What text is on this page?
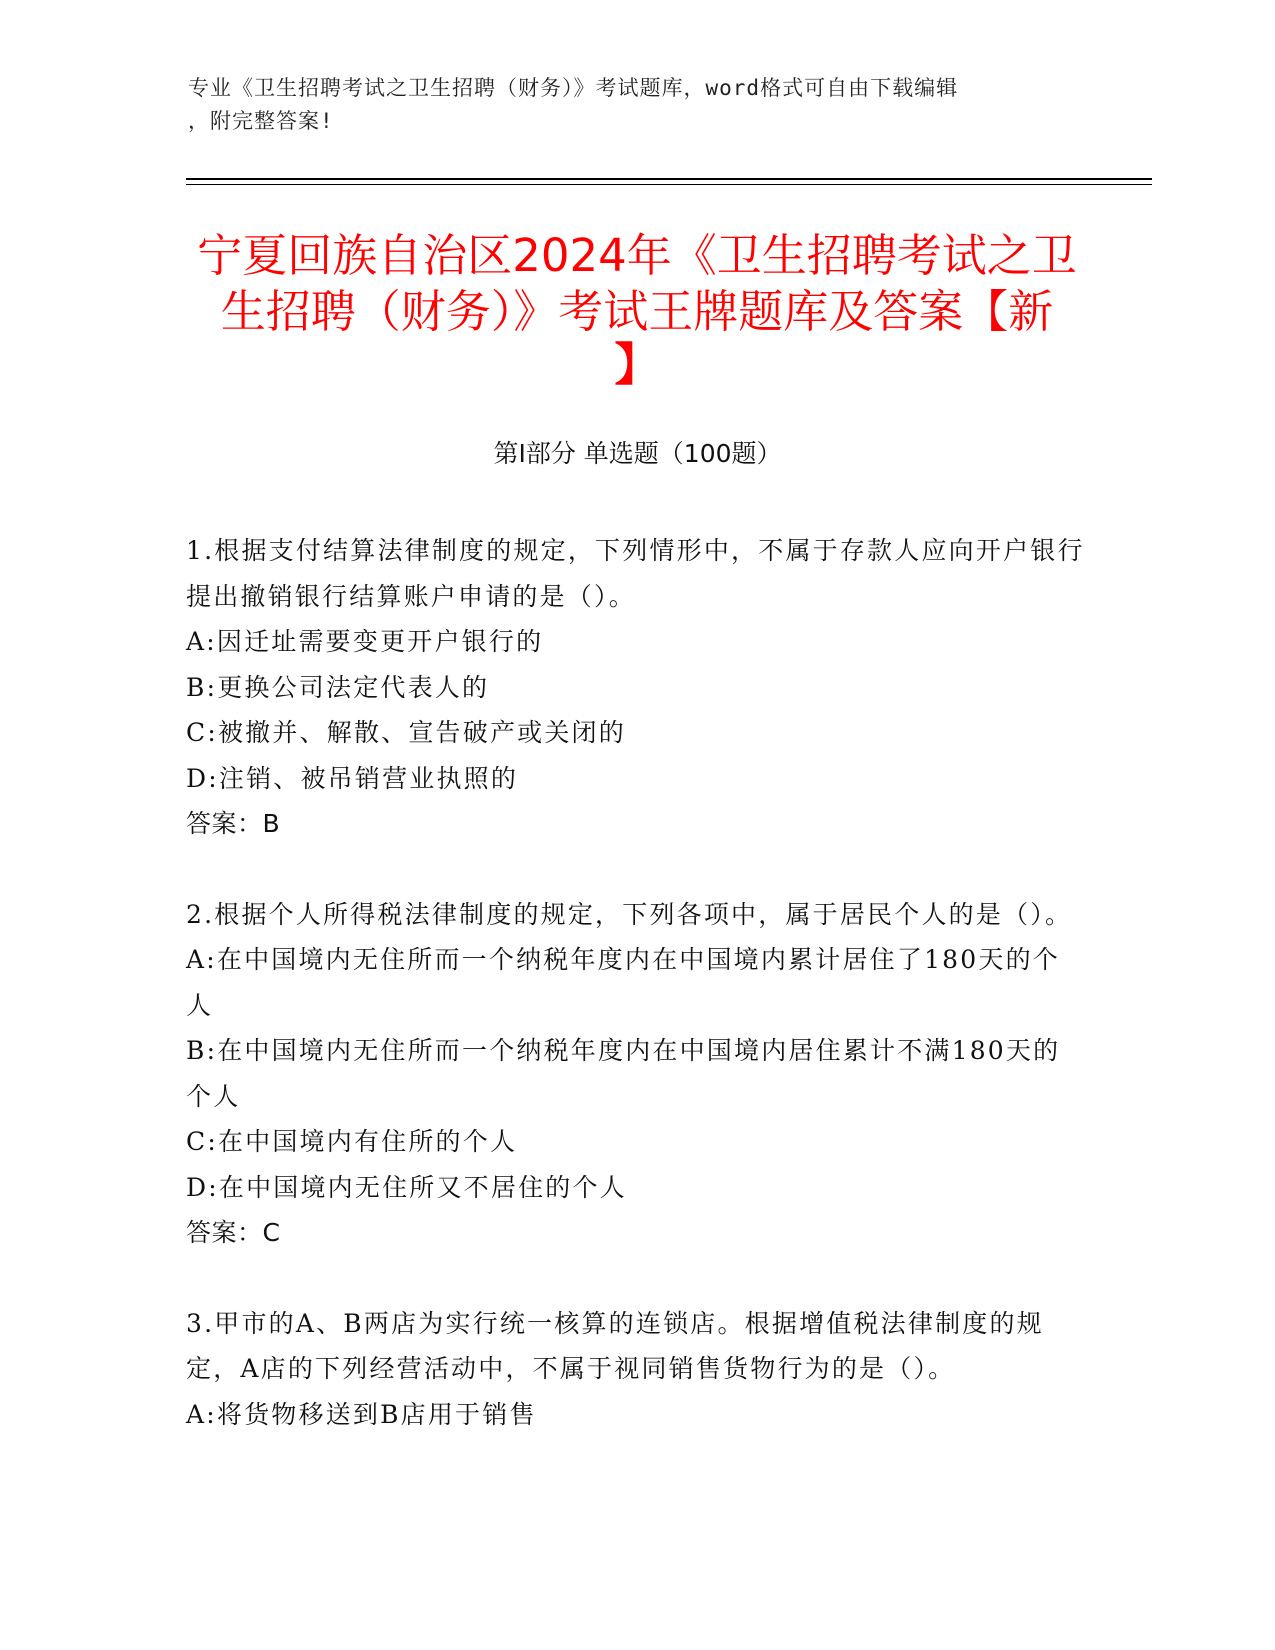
专业《卫生招聘考试之卫生招聘（财务）》考试题库，word格式可自由下载编辑
，附完整答案!
宁夏回族自治区2024年《卫生招聘考试之卫
生招聘（财务）》考试王牌题库及答案【新
】
第Ⅰ部分 单选题（100题）

1.根据支付结算法律制度的规定，下列情形中，不属于存款人应向开户银行提出撤销银行结算账户申请的是（）。

A:因迁址需要变更开户银行的

B:更换公司法定代表人的

C:被撤并、解散、宣告破产或关闭的

D:注销、被吊销营业执照的

答案：B

2.根据个人所得税法律制度的规定，下列各项中，属于居民个人的是（）。

A:在中国境内无住所而一个纳税年度内在中国境内累计居住了180天的个人

B:在中国境内无住所而一个纳税年度内在中国境内居住累计不满180天的个人

C:在中国境内有住所的个人

D:在中国境内无住所又不居住的个人

答案：C

3.甲市的A、B两店为实行统一核算的连锁店。根据增值税法律制度的规定，A店的下列经营活动中，不属于视同销售货物行为的是（）。

A:将货物移送到B店用于销售
